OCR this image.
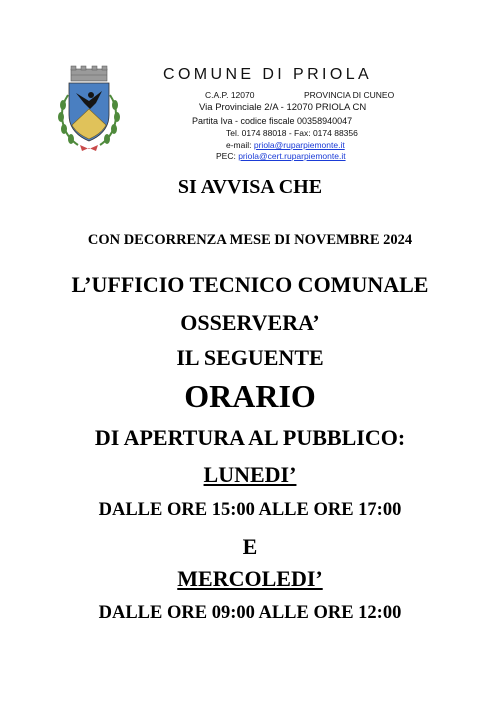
COMUNE DI PRIOLA
C.A.P. 12070	PROVINCIA DI CUNEO
Via Provinciale 2/A - 12070 PRIOLA CN
Partita Iva - codice fiscale 00358940047
Tel. 0174 88018 - Fax: 0174 88356
e-mail: priola@ruparpiemonte.it
PEC: priola@cert.ruparpiemonte.it
SI AVVISA CHE
CON DECORRENZA MESE DI NOVEMBRE 2024
L’UFFICIO TECNICO COMUNALE
OSSERVERA’
IL SEGUENTE
ORARIO
DI APERTURA AL PUBBLICO:
LUNEDI’
DALLE ORE 15:00 ALLE ORE 17:00
E
MERCOLEDI’
DALLE ORE 09:00 ALLE ORE 12:00
